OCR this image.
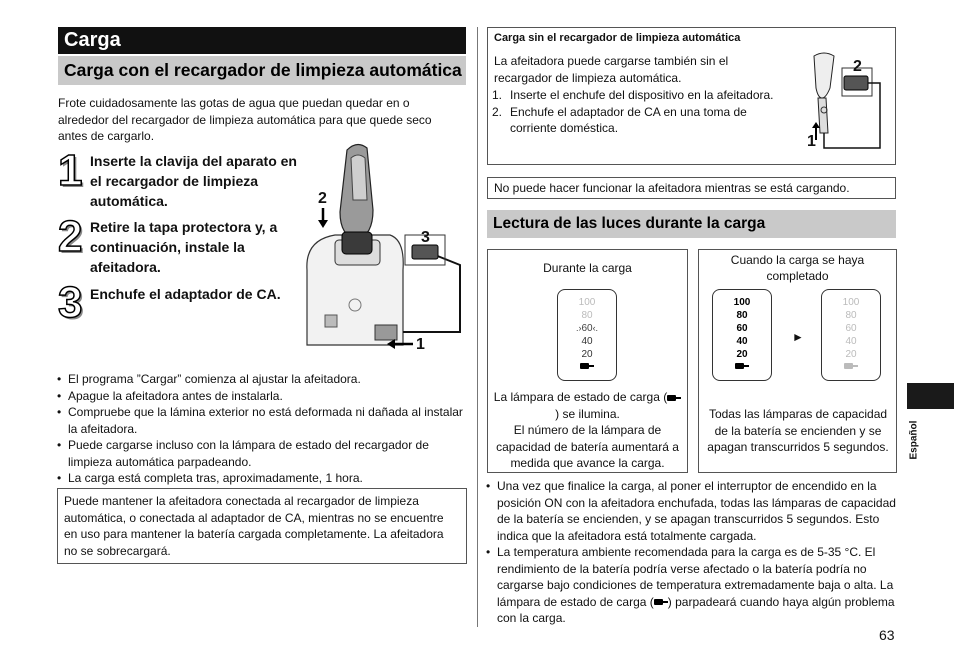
Carga
Carga con el recargador de limpieza automática
Frote cuidadosamente las gotas de agua que puedan quedar en o alrededor del recargador de limpieza automática para que quede seco antes de cargarlo.
1 Inserte la clavija del aparato en el recargador de limpieza automática.
2 Retire la tapa protectora y, a continuación, instale la afeitadora.
3 Enchufe el adaptador de CA.
2
3
1
• El programa ”Cargar” comienza al ajustar la afeitadora.
• Apague la afeitadora antes de instalarla.
• Compruebe que la lámina exterior no está deformada ni dañada al instalar la afeitadora.
• Puede cargarse incluso con la lámpara de estado del recargador de limpieza automática parpadeando.
• La carga está completa tras, aproximadamente, 1 hora.
Puede mantener la afeitadora conectada al recargador de limpieza automática, o conectada al adaptador de CA, mientras no se encuentre en uso para mantener la batería cargada completamente. La afeitadora no se sobrecargará.
Carga sin el recargador de limpieza automática
La afeitadora puede cargarse también sin el recargador de limpieza automática.
1. Inserte el enchufe del dispositivo en la afeitadora.
2. Enchufe el adaptador de CA en una toma de corriente doméstica.
2
1
No puede hacer funcionar la afeitadora mientras se está cargando.
Lectura de las luces durante la carga
Durante la carga
100
80
.›60‹.
40
20
La lámpara de estado de carga () se ilumina.
El número de la lámpara de capacidad de batería aumentará a medida que avance la carga.
Cuando la carga se haya completado
100
80
60
40
20
►
100
80
60
40
20
Todas las lámparas de capacidad de la batería se encienden y se apagan transcurridos 5 segundos.
• Una vez que finalice la carga, al poner el interruptor de encendido en la posición ON con la afeitadora enchufada, todas las lámparas de capacidad de la batería se encienden, y se apagan transcurridos 5 segundos. Esto indica que la afeitadora está totalmente cargada.
• La temperatura ambiente recomendada para la carga es de 5-35 °C. El rendimiento de la batería podría verse afectado o la batería podría no cargarse bajo condiciones de temperatura extremadamente baja o alta. La lámpara de estado de carga ( ) parpadeará cuando haya algún problema con la carga.
Español
63
